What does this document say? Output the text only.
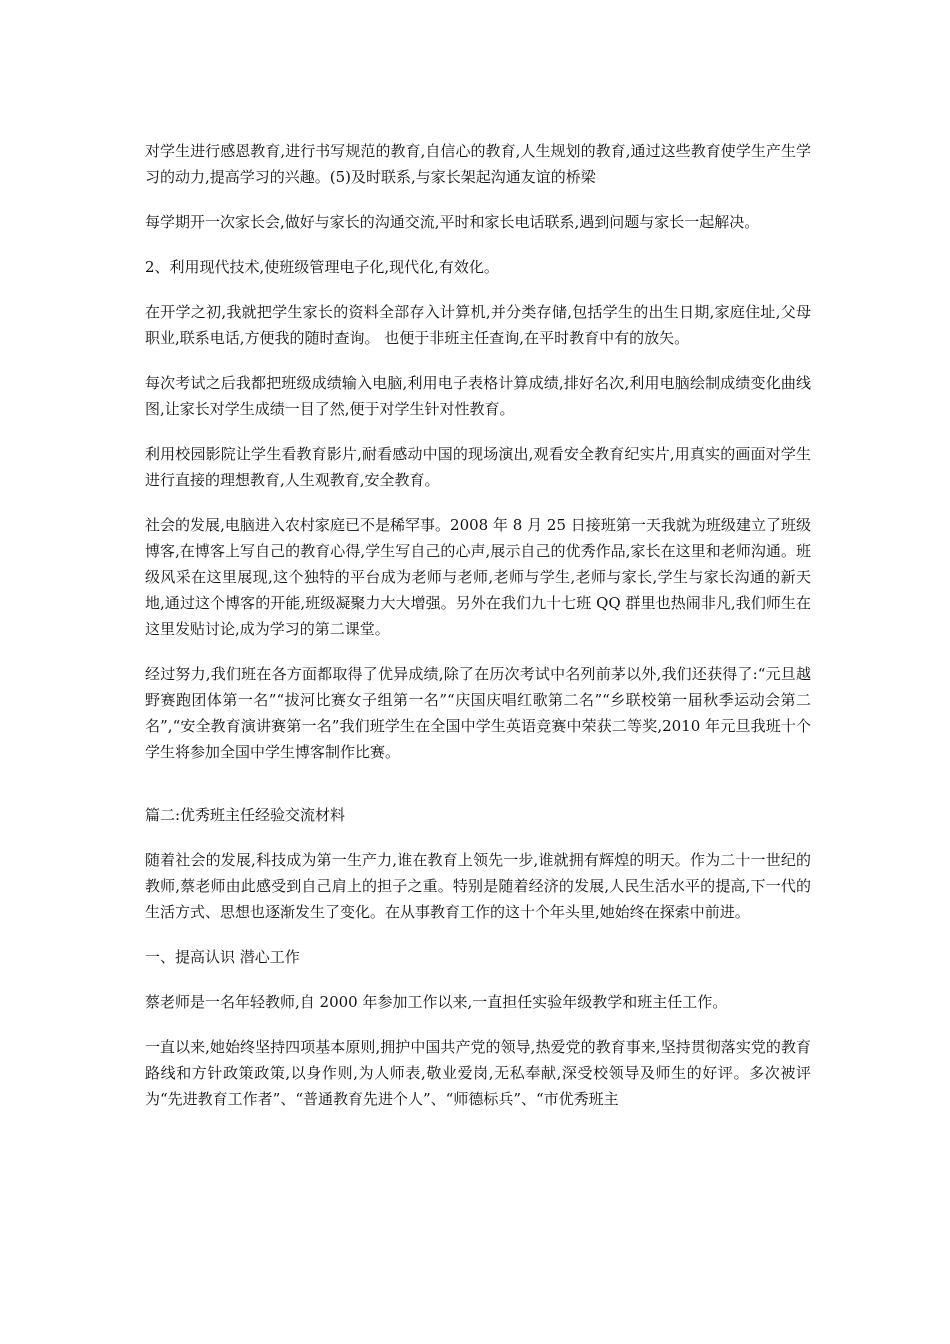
对学生进行感恩教育,进行书写规范的教育,自信心的教育,人生规划的教育,通过这些教育使学生产生学习的动力,提高学习的兴趣。(5)及时联系,与家长架起沟通友谊的桥梁

每学期开一次家长会,做好与家长的沟通交流,平时和家长电话联系,遇到问题与家长一起解决。

2、利用现代技术,使班级管理电子化,现代化,有效化。

在开学之初,我就把学生家长的资料全部存入计算机,并分类存储,包括学生的出生日期,家庭住址,父母职业,联系电话,方便我的随时查询。 也便于非班主任查询,在平时教育中有的放矢。

每次考试之后我都把班级成绩输入电脑,利用电子表格计算成绩,排好名次,利用电脑绘制成绩变化曲线图,让家长对学生成绩一目了然,便于对学生针对性教育。

利用校园影院让学生看教育影片,耐看感动中国的现场演出,观看安全教育纪实片,用真实的画面对学生进行直接的理想教育,人生观教育,安全教育。

社会的发展,电脑进入农村家庭已不是稀罕事。2008 年 8 月 25 日接班第一天我就为班级建立了班级博客,在博客上写自己的教育心得,学生写自己的心声,展示自己的优秀作品,家长在这里和老师沟通。班级风采在这里展现,这个独特的平台成为老师与老师,老师与学生,老师与家长,学生与家长沟通的新天地,通过这个博客的开能,班级凝聚力大大增强。另外在我们九十七班 QQ 群里也热闹非凡,我们师生在这里发贴讨论,成为学习的第二课堂。

经过努力,我们班在各方面都取得了优异成绩,除了在历次考试中名列前茅以外,我们还获得了:“元旦越野赛跑团体第一名”“拔河比赛女子组第一名”“庆国庆唱红歌第二名”“乡联校第一届秋季运动会第二名”,“安全教育演讲赛第一名”我们班学生在全国中学生英语竞赛中荣获二等奖,2010 年元旦我班十个学生将参加全国中学生博客制作比赛。

篇二:优秀班主任经验交流材料

随着社会的发展,科技成为第一生产力,谁在教育上领先一步,谁就拥有辉煌的明天。作为二十一世纪的教师,蔡老师由此感受到自己肩上的担子之重。特别是随着经济的发展,人民生活水平的提高,下一代的生活方式、思想也逐渐发生了变化。在从事教育工作的这十个年头里,她始终在探索中前进。

一、提高认识 潜心工作

蔡老师是一名年轻教师,自 2000 年参加工作以来,一直担任实验年级教学和班主任工作。

一直以来,她始终坚持四项基本原则,拥护中国共产党的领导,热爱党的教育事来,坚持贯彻落实党的教育路线和方针政策政策,以身作则,为人师表,敬业爱岗,无私奉献,深受校领导及师生的好评。多次被评为“先进教育工作者”、“普通教育先进个人”、“师德标兵”、“市优秀班主
